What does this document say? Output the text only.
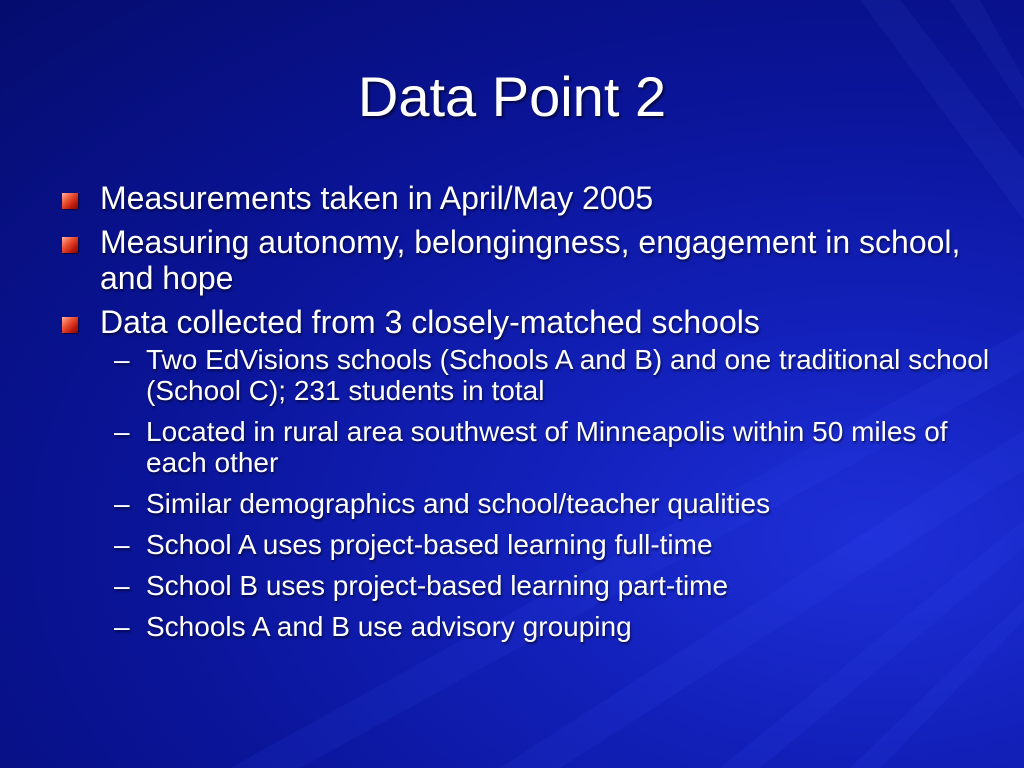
Data Point 2
Measurements taken in April/May 2005
Measuring autonomy, belongingness, engagement in school, and hope
Data collected from 3 closely-matched schools
– Two EdVisions schools (Schools A and B) and one traditional school (School C); 231 students in total
– Located in rural area southwest of Minneapolis within 50 miles of each other
– Similar demographics and school/teacher qualities
– School A uses project-based learning full-time
– School B uses project-based learning part-time
– Schools A and B use advisory grouping
